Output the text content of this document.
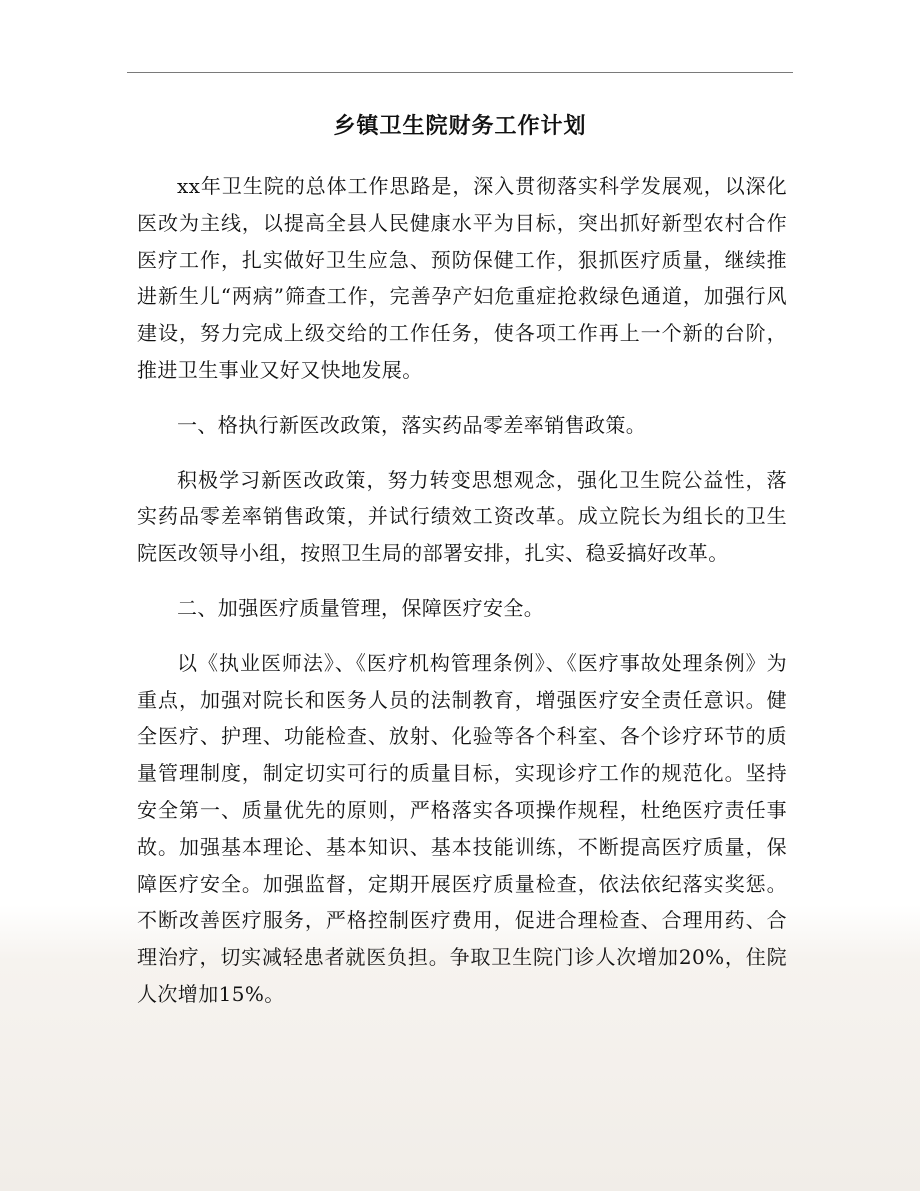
乡镇卫生院财务工作计划

xx年卫生院的总体工作思路是，深入贯彻落实科学发展观，以深化医改为主线，以提高全县人民健康水平为目标，突出抓好新型农村合作医疗工作，扎实做好卫生应急、预防保健工作，狠抓医疗质量，继续推进新生儿“两病”筛查工作，完善孕产妇危重症抢救绿色通道，加强行风建设，努力完成上级交给的工作任务，使各项工作再上一个新的台阶，推进卫生事业又好又快地发展。

一、格执行新医改政策，落实药品零差率销售政策。

积极学习新医改政策，努力转变思想观念，强化卫生院公益性，落实药品零差率销售政策，并试行绩效工资改革。成立院长为组长的卫生院医改领导小组，按照卫生局的部署安排，扎实、稳妥搞好改革。

二、加强医疗质量管理，保障医疗安全。

以《执业医师法》、《医疗机构管理条例》、《医疗事故处理条例》为重点，加强对院长和医务人员的法制教育，增强医疗安全责任意识。健全医疗、护理、功能检查、放射、化验等各个科室、各个诊疗环节的质量管理制度，制定切实可行的质量目标，实现诊疗工作的规范化。坚持安全第一、质量优先的原则，严格落实各项操作规程，杜绝医疗责任事故。加强基本理论、基本知识、基本技能训练，不断提高医疗质量，保障医疗安全。加强监督，定期开展医疗质量检查，依法依纪落实奖惩。不断改善医疗服务，严格控制医疗费用，促进合理检查、合理用药、合理治疗，切实减轻患者就医负担。争取卫生院门诊人次增加20%，住院人次增加15%。
